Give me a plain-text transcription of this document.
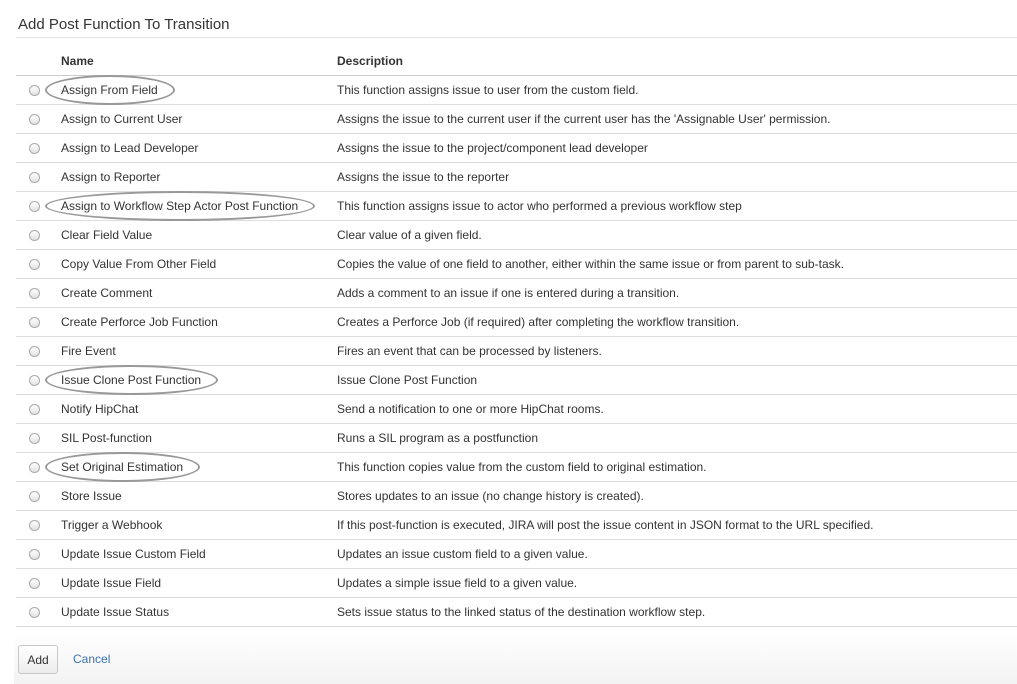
Add Post Function To Transition
	Name	Description
	Assign From Field	This function assigns issue to user from the custom field.
	Assign to Current User	Assigns the issue to the current user if the current user has the 'Assignable User' permission.
	Assign to Lead Developer	Assigns the issue to the project/component lead developer
	Assign to Reporter	Assigns the issue to the reporter
	Assign to Workflow Step Actor Post Function	This function assigns issue to actor who performed a previous workflow step
	Clear Field Value	Clear value of a given field.
	Copy Value From Other Field	Copies the value of one field to another, either within the same issue or from parent to sub-task.
	Create Comment	Adds a comment to an issue if one is entered during a transition.
	Create Perforce Job Function	Creates a Perforce Job (if required) after completing the workflow transition.
	Fire Event	Fires an event that can be processed by listeners.
	Issue Clone Post Function	Issue Clone Post Function
	Notify HipChat	Send a notification to one or more HipChat rooms.
	SIL Post-function	Runs a SIL program as a postfunction
	Set Original Estimation	This function copies value from the custom field to original estimation.
	Store Issue	Stores updates to an issue (no change history is created).
	Trigger a Webhook	If this post-function is executed, JIRA will post the issue content in JSON format to the URL specified.
	Update Issue Custom Field	Updates an issue custom field to a given value.
	Update Issue Field	Updates a simple issue field to a given value.
	Update Issue Status	Sets issue status to the linked status of the destination workflow step.
Add	Cancel
